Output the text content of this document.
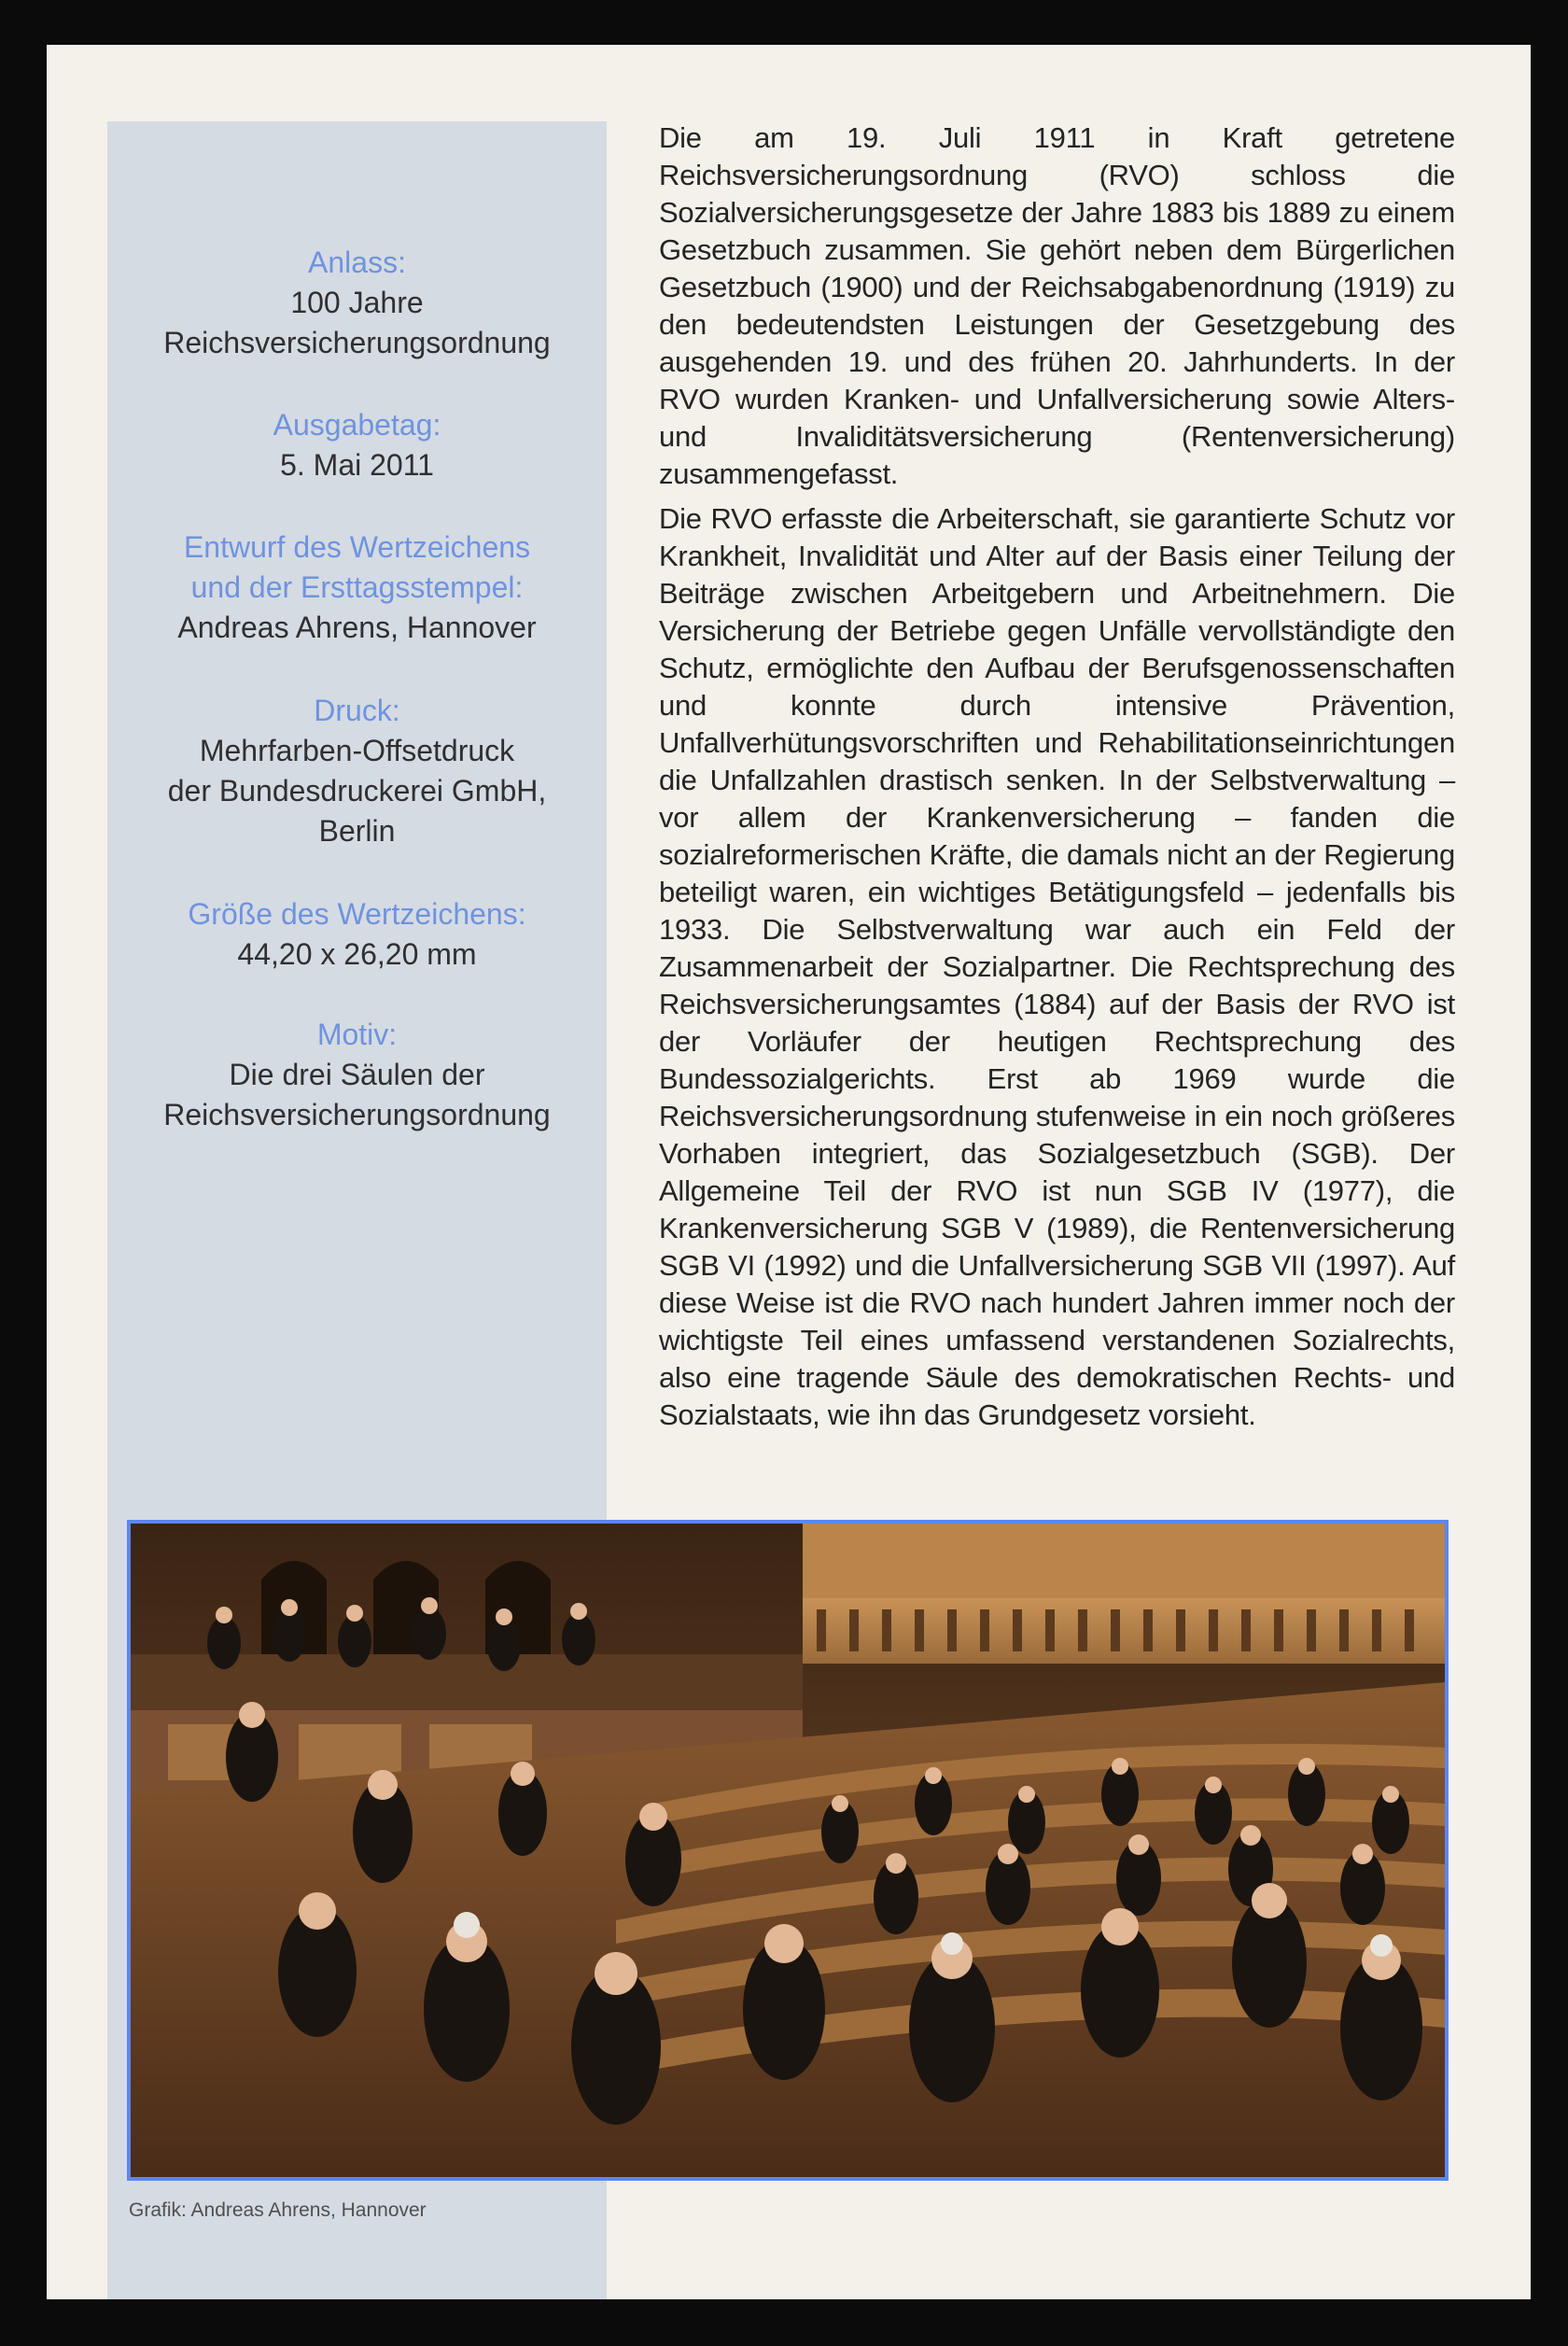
Anlass:
100 Jahre
Reichsversicherungsordnung
Ausgabetag:
5. Mai 2011
Entwurf des Wertzeichens
und der Ersttagsstempel:
Andreas Ahrens, Hannover
Druck:
Mehrfarben-Offsetdruck
der Bundesdruckerei GmbH,
Berlin
Größe des Wertzeichens:
44,20 x 26,20 mm
Motiv:
Die drei Säulen der
Reichsversicherungsordnung

Die am 19. Juli 1911 in Kraft getretene Reichsversicherungsordnung (RVO) schloss die Sozialversicherungsgesetze der Jahre 1883 bis 1889 zu einem Gesetzbuch zusammen. Sie gehört neben dem Bürgerlichen Gesetzbuch (1900) und der Reichsabgabenordnung (1919) zu den bedeutendsten Leistungen der Gesetzgebung des ausgehenden 19. und des frühen 20. Jahrhunderts. In der RVO wurden Kranken- und Unfallversicherung sowie Alters- und Invaliditätsversicherung (Rentenversicherung) zusammengefasst.

Die RVO erfasste die Arbeiterschaft, sie garantierte Schutz vor Krankheit, Invalidität und Alter auf der Basis einer Teilung der Beiträge zwischen Arbeitgebern und Arbeitnehmern. Die Versicherung der Betriebe gegen Unfälle vervollständigte den Schutz, ermöglichte den Aufbau der Berufsgenossenschaften und konnte durch intensive Prävention, Unfallverhütungsvorschriften und Rehabilitationseinrichtungen die Unfallzahlen drastisch senken. In der Selbstverwaltung – vor allem der Krankenversicherung – fanden die sozialreformerischen Kräfte, die damals nicht an der Regierung beteiligt waren, ein wichtiges Betätigungsfeld – jedenfalls bis 1933. Die Selbstverwaltung war auch ein Feld der Zusammenarbeit der Sozialpartner. Die Rechtsprechung des Reichsversicherungsamtes (1884) auf der Basis der RVO ist der Vorläufer der heutigen Rechtsprechung des Bundessozialgerichts. Erst ab 1969 wurde die Reichsversicherungsordnung stufenweise in ein noch größeres Vorhaben integriert, das Sozialgesetzbuch (SGB). Der Allgemeine Teil der RVO ist nun SGB IV (1977), die Krankenversicherung SGB V (1989), die Rentenversicherung SGB VI (1992) und die Unfallversicherung SGB VII (1997). Auf diese Weise ist die RVO nach hundert Jahren immer noch der wichtigste Teil eines umfassend verstandenen Sozialrechts, also eine tragende Säule des demokratischen Rechts- und Sozialstaats, wie ihn das Grundgesetz vorsieht.

Grafik: Andreas Ahrens, Hannover
